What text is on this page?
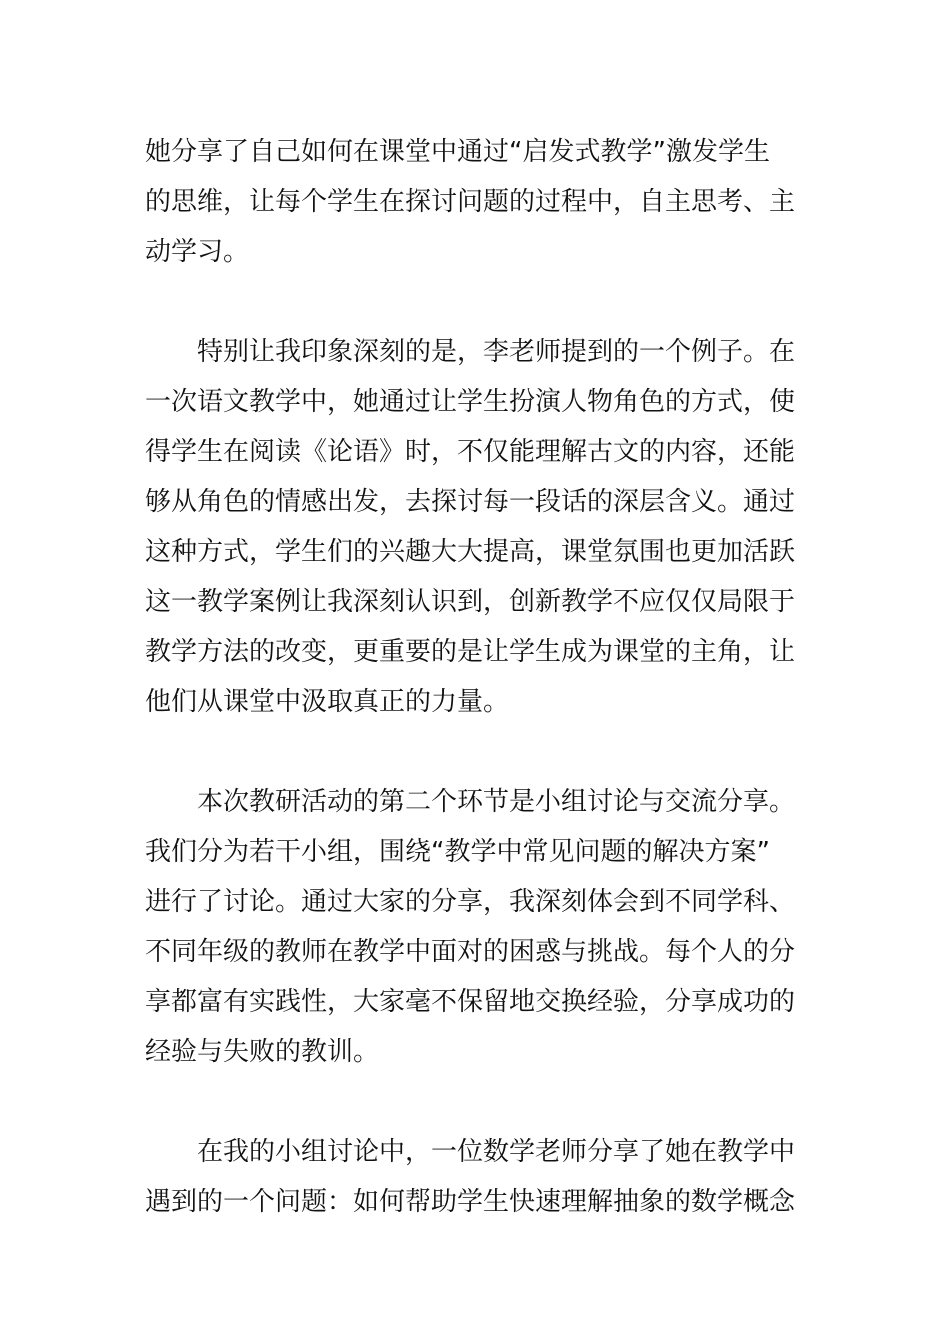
她分享了自己如何在课堂中通过“启发式教学”激发学生
的思维，让每个学生在探讨问题的过程中，自主思考、主
动学习。
特别让我印象深刻的是，李老师提到的一个例子。在
一次语文教学中，她通过让学生扮演人物角色的方式，使
得学生在阅读《论语》时，不仅能理解古文的内容，还能
够从角色的情感出发，去探讨每一段话的深层含义。通过
这种方式，学生们的兴趣大大提高，课堂氛围也更加活跃
这一教学案例让我深刻认识到，创新教学不应仅仅局限于
教学方法的改变，更重要的是让学生成为课堂的主角，让
他们从课堂中汲取真正的力量。
本次教研活动的第二个环节是小组讨论与交流分享。
我们分为若干小组，围绕“教学中常见问题的解决方案”
进行了讨论。通过大家的分享，我深刻体会到不同学科、
不同年级的教师在教学中面对的困惑与挑战。每个人的分
享都富有实践性，大家毫不保留地交换经验，分享成功的
经验与失败的教训。
在我的小组讨论中，一位数学老师分享了她在教学中
遇到的一个问题：如何帮助学生快速理解抽象的数学概念
